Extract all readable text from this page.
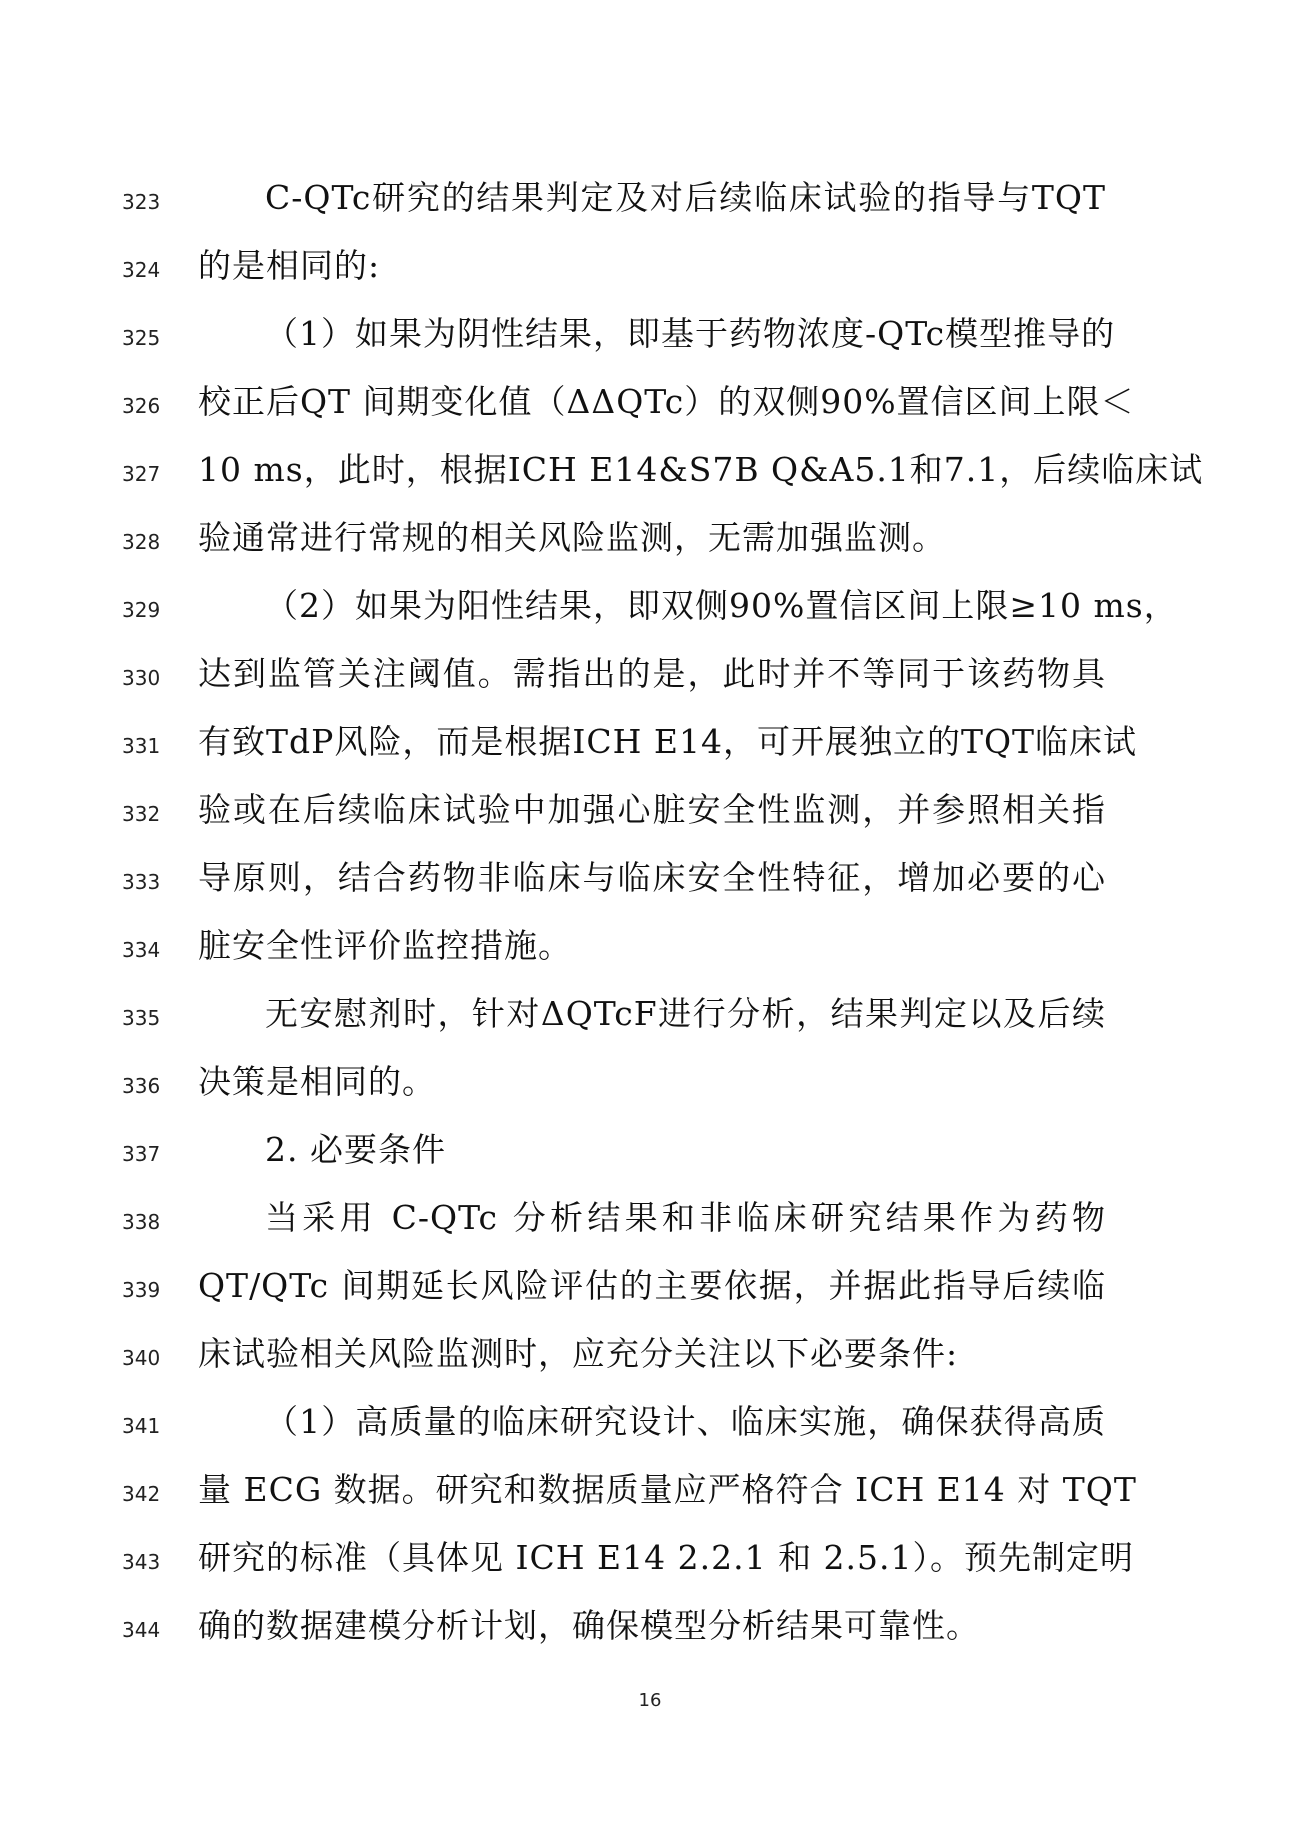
323	C-QTc研究的结果判定及对后续临床试验的指导与TQT
324 的是相同的:
325	（1）如果为阴性结果，即基于药物浓度-QTc模型推导的
326 校正后QT 间期变化值（ΔΔQTc）的双侧90%置信区间上限＜
327 10 ms，此时，根据ICH E14&S7B Q&A5.1和7.1，后续临床试
328 验通常进行常规的相关风险监测，无需加强监测。
329	（2）如果为阳性结果，即双侧90%置信区间上限≥10 ms，
330 达到监管关注阈值。需指出的是，此时并不等同于该药物具
331 有致TdP风险，而是根据ICH E14，可开展独立的TQT临床试
332 验或在后续临床试验中加强心脏安全性监测，并参照相关指
333 导原则，结合药物非临床与临床安全性特征，增加必要的心
334 脏安全性评价监控措施。
335	无安慰剂时，针对ΔQTcF进行分析，结果判定以及后续
336 决策是相同的。
337	2. 必要条件
338	当采用 C-QTc 分析结果和非临床研究结果作为药物
339 QT/QTc 间期延长风险评估的主要依据，并据此指导后续临
340 床试验相关风险监测时，应充分关注以下必要条件:
341	（1）高质量的临床研究设计、临床实施，确保获得高质
342 量 ECG 数据。研究和数据质量应严格符合 ICH E14 对 TQT
343 研究的标准（具体见 ICH E14 2.2.1 和 2.5.1）。预先制定明
344 确的数据建模分析计划，确保模型分析结果可靠性。
16
